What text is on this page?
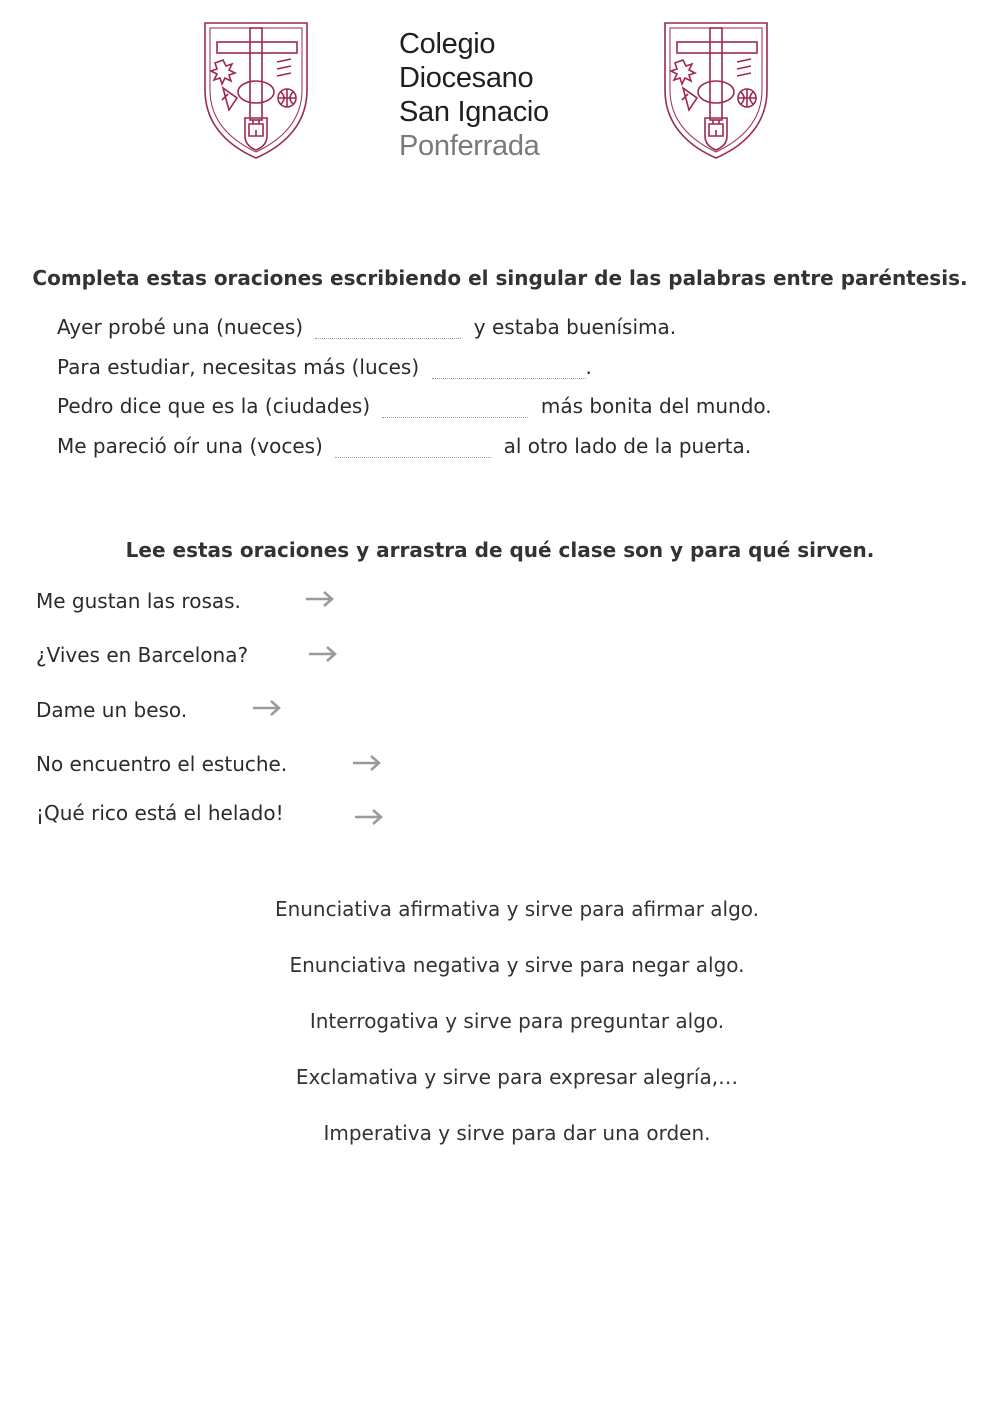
Colegio
Diocesano
San Ignacio
Ponferrada
Completa estas oraciones escribiendo el singular de las palabras entre paréntesis.
Ayer probé una (nueces)	y estaba buenísima.
Para estudiar, necesitas más (luces)	.
Pedro dice que es la (ciudades)	más bonita del mundo.
Me pareció oír una (voces)	al otro lado de la puerta.
Lee estas oraciones y arrastra de qué clase son y para qué sirven.
Me gustan las rosas.
¿Vives en Barcelona?
Dame un beso.
No encuentro el estuche.
¡Qué rico está el helado!
Enunciativa afirmativa y sirve para afirmar algo.
Enunciativa negativa y sirve para negar algo.
Interrogativa y sirve para preguntar algo.
Exclamativa y sirve para expresar alegría,…
Imperativa y sirve para dar una orden.
